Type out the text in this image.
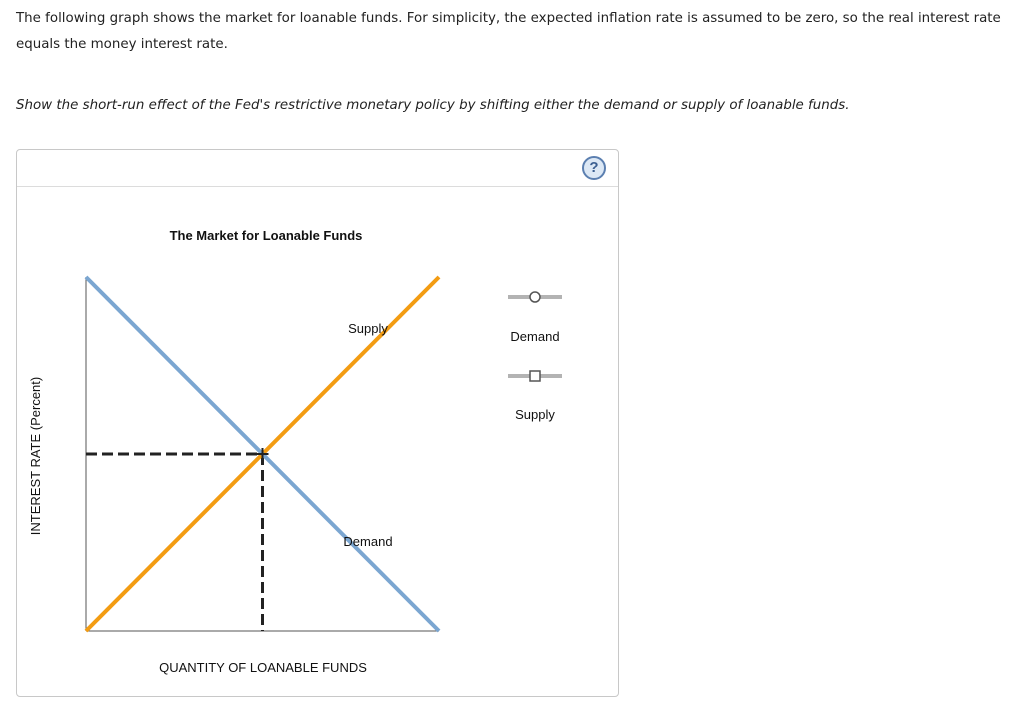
The following graph shows the market for loanable funds. For simplicity, the expected inflation rate is assumed to be zero, so the real interest rate equals the money interest rate.

Show the short-run effect of the Fed's restrictive monetary policy by shifting either the demand or supply of loanable funds.

?
The Market for Loanable Funds
QUANTITY OF LOANABLE FUNDS
INTEREST RATE (Percent)
Supply
Demand
Demand
Supply
